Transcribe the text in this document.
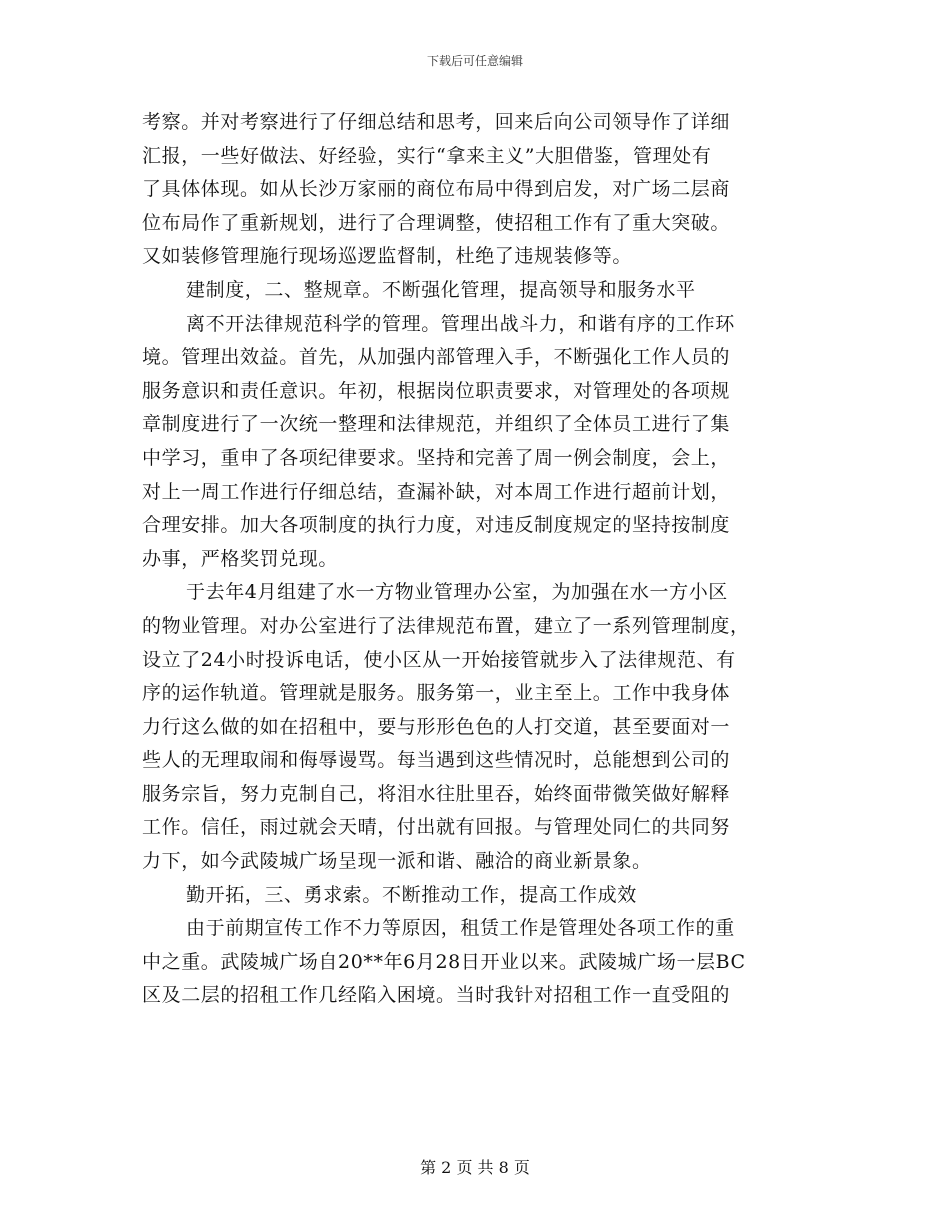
下载后可任意编辑
考察。并对考察进行了仔细总结和思考，回来后向公司领导作了详细
汇报，一些好做法、好经验，实行“拿来主义”大胆借鉴，管理处有
了具体体现。如从长沙万家丽的商位布局中得到启发，对广场二层商
位布局作了重新规划，进行了合理调整，使招租工作有了重大突破。
又如装修管理施行现场巡逻监督制，杜绝了违规装修等。
建制度，二、整规章。不断强化管理，提高领导和服务水平
离不开法律规范科学的管理。管理出战斗力，和谐有序的工作环
境。管理出效益。首先，从加强内部管理入手，不断强化工作人员的
服务意识和责任意识。年初，根据岗位职责要求，对管理处的各项规
章制度进行了一次统一整理和法律规范，并组织了全体员工进行了集
中学习，重申了各项纪律要求。坚持和完善了周一例会制度，会上，
对上一周工作进行仔细总结，查漏补缺，对本周工作进行超前计划，
合理安排。加大各项制度的执行力度，对违反制度规定的坚持按制度
办事，严格奖罚兑现。
于去年4月组建了水一方物业管理办公室，为加强在水一方小区
的物业管理。对办公室进行了法律规范布置，建立了一系列管理制度，
设立了24小时投诉电话，使小区从一开始接管就步入了法律规范、有
序的运作轨道。管理就是服务。服务第一，业主至上。工作中我身体
力行这么做的如在招租中，要与形形色色的人打交道，甚至要面对一
些人的无理取闹和侮辱谩骂。每当遇到这些情况时，总能想到公司的
服务宗旨，努力克制自己，将泪水往肚里吞，始终面带微笑做好解释
工作。信任，雨过就会天晴，付出就有回报。与管理处同仁的共同努
力下，如今武陵城广场呈现一派和谐、融洽的商业新景象。
勤开拓，三、勇求索。不断推动工作，提高工作成效
由于前期宣传工作不力等原因，租赁工作是管理处各项工作的重
中之重。武陵城广场自20**年6月28日开业以来。武陵城广场一层BC
区及二层的招租工作几经陷入困境。当时我针对招租工作一直受阻的
第 2 页 共 8 页
